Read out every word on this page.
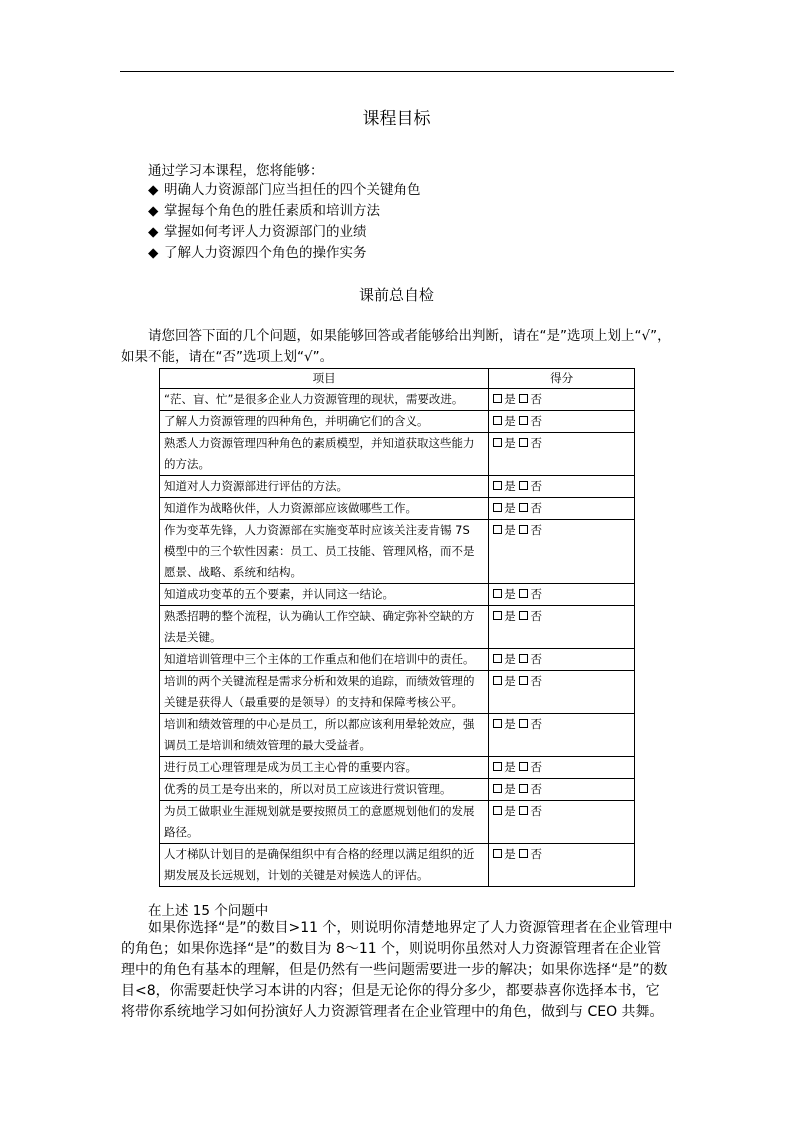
课程目标
通过学习本课程，您将能够：
◆ 明确人力资源部门应当担任的四个关键角色
◆ 掌握每个角色的胜任素质和培训方法
◆ 掌握如何考评人力资源部门的业绩
◆ 了解人力资源四个角色的操作实务
课前总自检
请您回答下面的几个问题，如果能够回答或者能够给出判断，请在“是”选项上划上“√”，如果不能，请在“否”选项上划“√”。
项目	得分
“茫、盲、忙”是很多企业人力资源管理的现状，需要改进。	是 否
了解人力资源管理的四种角色，并明确它们的含义。	是 否
熟悉人力资源管理四种角色的素质模型，并知道获取这些能力的方法。	是 否
知道对人力资源部进行评估的方法。	是 否
知道作为战略伙伴，人力资源部应该做哪些工作。	是 否
作为变革先锋，人力资源部在实施变革时应该关注麦肯锡 7S 模型中的三个软性因素：员工、员工技能、管理风格，而不是愿景、战略、系统和结构。	是 否
知道成功变革的五个要素，并认同这一结论。	是 否
熟悉招聘的整个流程，认为确认工作空缺、确定弥补空缺的方法是关键。	是 否
知道培训管理中三个主体的工作重点和他们在培训中的责任。	是 否
培训的两个关键流程是需求分析和效果的追踪，而绩效管理的关键是获得人（最重要的是领导）的支持和保障考核公平。	是 否
培训和绩效管理的中心是员工，所以都应该利用晕轮效应，强调员工是培训和绩效管理的最大受益者。	是 否
进行员工心理管理是成为员工主心骨的重要内容。	是 否
优秀的员工是夸出来的，所以对员工应该进行赏识管理。	是 否
为员工做职业生涯规划就是要按照员工的意愿规划他们的发展路径。	是 否
人才梯队计划目的是确保组织中有合格的经理以满足组织的近期发展及长远规划，计划的关键是对候选人的评估。	是 否
在上述 15 个问题中
如果你选择“是”的数目>11 个，则说明你清楚地界定了人力资源管理者在企业管理中的角色；如果你选择“是”的数目为 8～11 个，则说明你虽然对人力资源管理者在企业管理中的角色有基本的理解，但是仍然有一些问题需要进一步的解决；如果你选择“是”的数目<8，你需要赶快学习本讲的内容；但是无论你的得分多少，都要恭喜你选择本书，它将带你系统地学习如何扮演好人力资源管理者在企业管理中的角色，做到与 CEO 共舞。
